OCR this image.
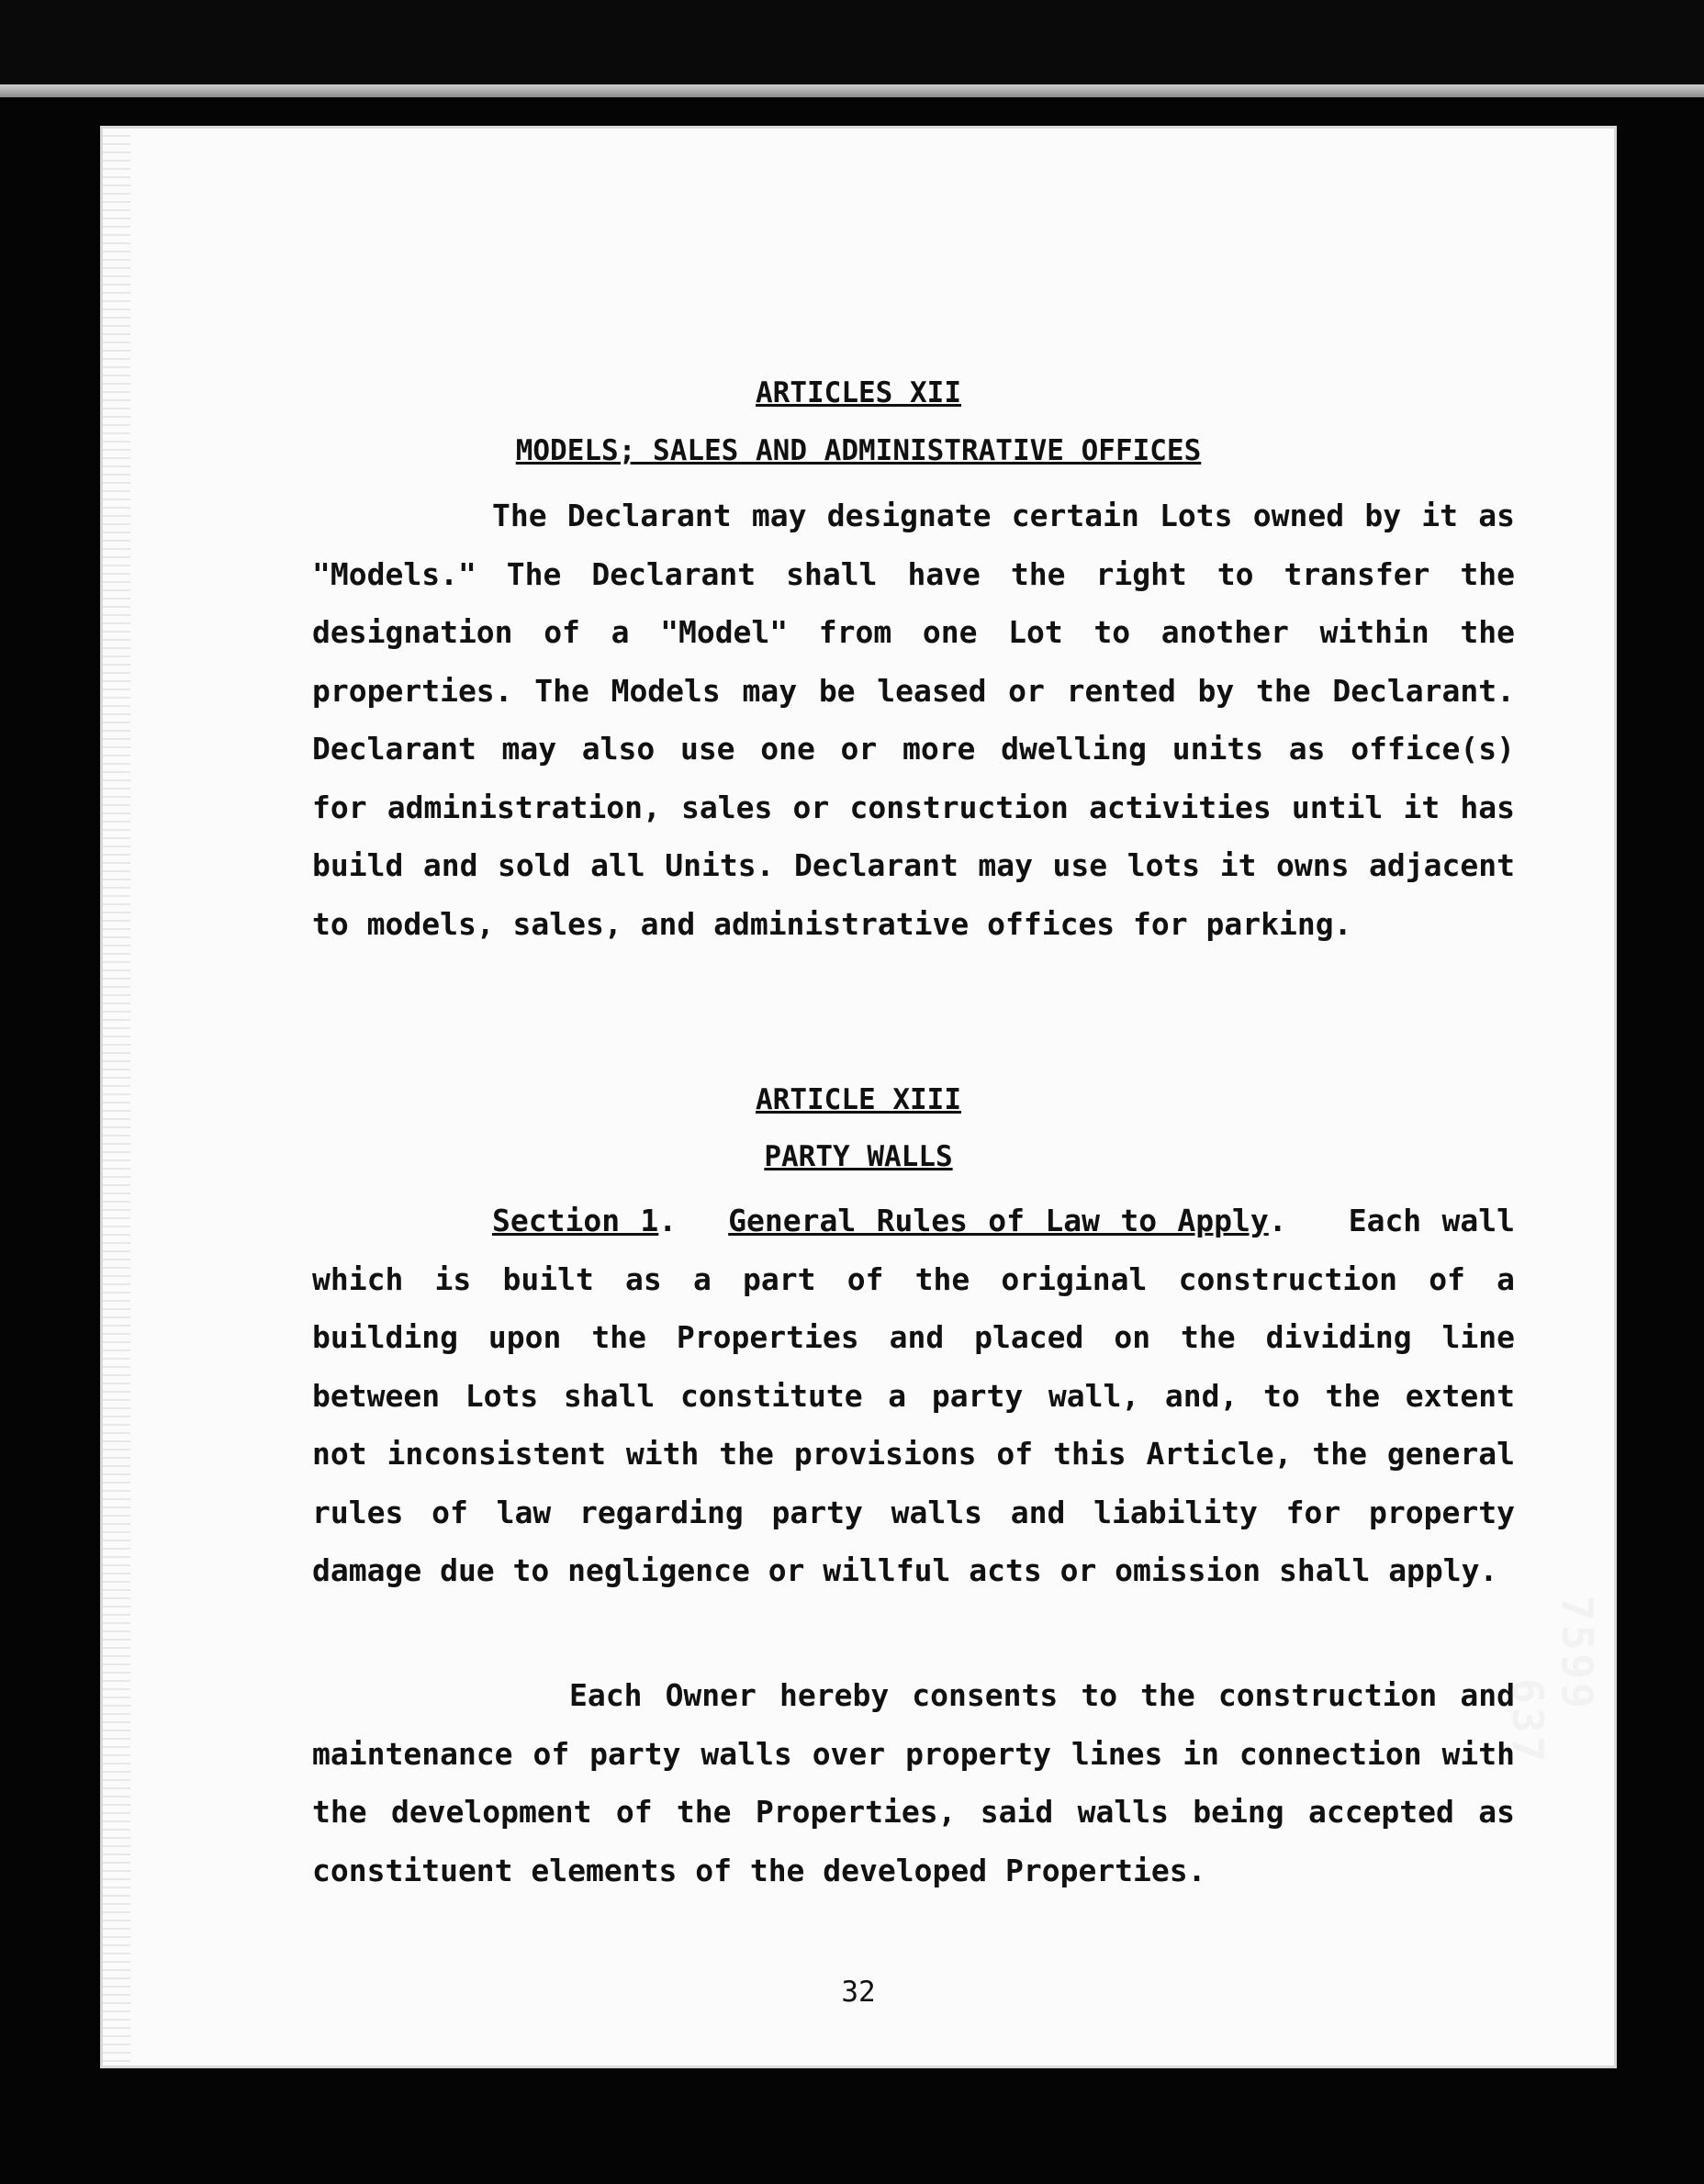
ARTICLES XII
MODELS; SALES AND ADMINISTRATIVE OFFICES

The Declarant may designate certain Lots owned by it as "Models." The Declarant shall have the right to transfer the designation of a "Model" from one Lot to another within the properties. The Models may be leased or rented by the Declarant. Declarant may also use one or more dwelling units as office(s) for administration, sales or construction activities until it has build and sold all Units. Declarant may use lots it owns adjacent to models, sales, and administrative offices for parking.

ARTICLE XIII
PARTY WALLS

Section 1. General Rules of Law to Apply.   Each wall which is built as a part of the original construction of a building upon the Properties and placed on the dividing line between Lots shall constitute a party wall, and, to the extent not inconsistent with the provisions of this Article, the general rules of law regarding party walls and liability for property damage due to negligence or willful acts or omission shall apply.

Each Owner hereby consents to the construction and maintenance of party walls over property lines in connection with the development of the Properties, said walls being accepted as constituent elements of the developed Properties.

32
7599
637
